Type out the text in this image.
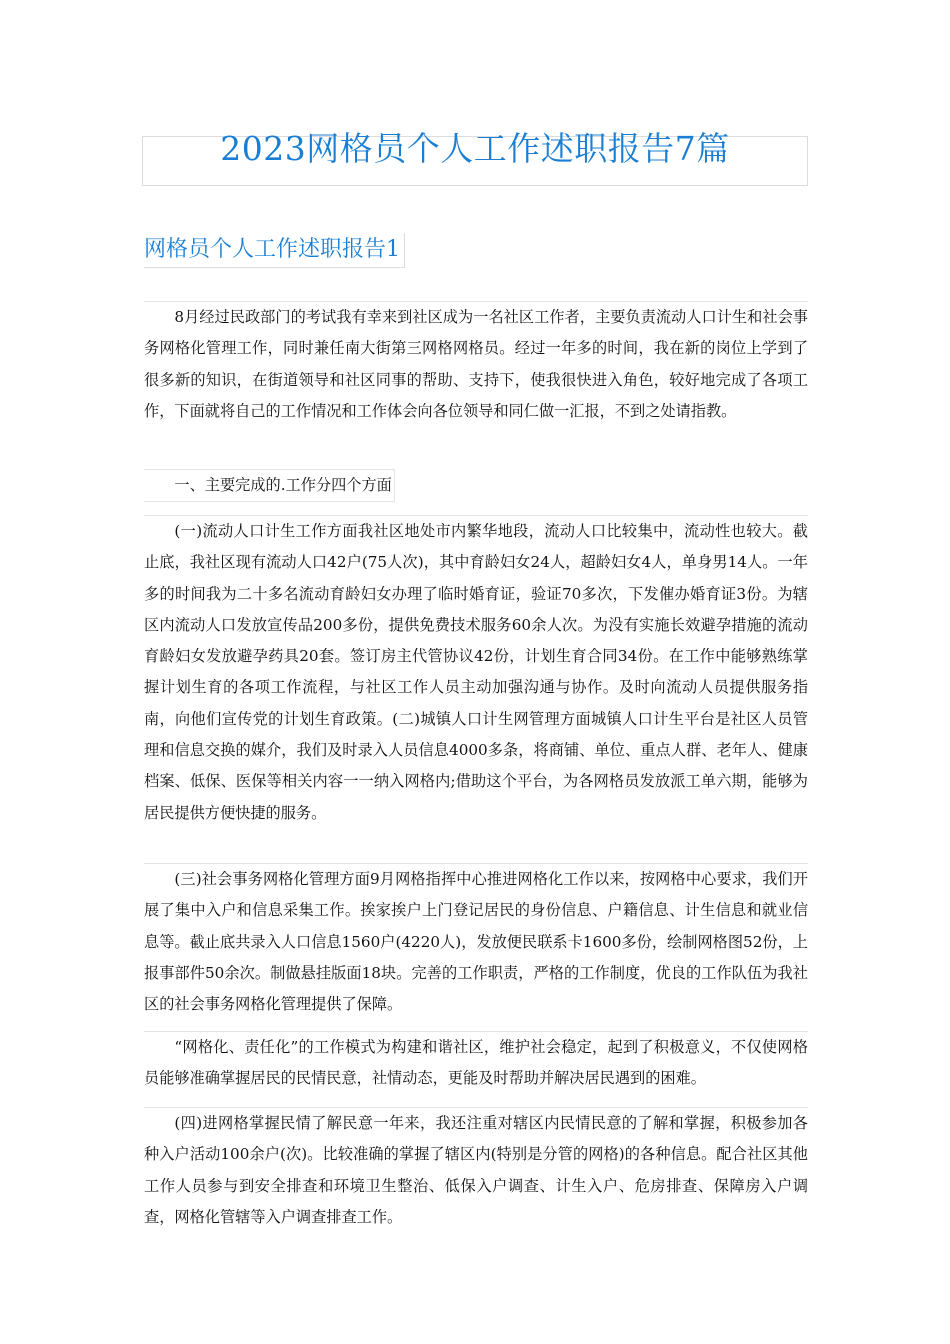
2023网格员个人工作述职报告7篇
网格员个人工作述职报告1

8月经过民政部门的考试我有幸来到社区成为一名社区工作者，主要负责流动人口计生和社会事务网格化管理工作，同时兼任南大街第三网格网格员。经过一年多的时间，我在新的岗位上学到了很多新的知识，在街道领导和社区同事的帮助、支持下，使我很快进入角色，较好地完成了各项工作，下面就将自己的工作情况和工作体会向各位领导和同仁做一汇报，不到之处请指教。

一、主要完成的.工作分四个方面

(一)流动人口计生工作方面我社区地处市内繁华地段，流动人口比较集中，流动性也较大。截止底，我社区现有流动人口42户(75人次)，其中育龄妇女24人，超龄妇女4人，单身男14人。一年多的时间我为二十多名流动育龄妇女办理了临时婚育证，验证70多次，下发催办婚育证3份。为辖区内流动人口发放宣传品200多份，提供免费技术服务60余人次。为没有实施长效避孕措施的流动育龄妇女发放避孕药具20套。签订房主代管协议42份，计划生育合同34份。在工作中能够熟练掌握计划生育的各项工作流程，与社区工作人员主动加强沟通与协作。及时向流动人员提供服务指南，向他们宣传党的计划生育政策。(二)城镇人口计生网管理方面城镇人口计生平台是社区人员管理和信息交换的媒介，我们及时录入人员信息4000多条，将商铺、单位、重点人群、老年人、健康档案、低保、医保等相关内容一一纳入网格内;借助这个平台，为各网格员发放派工单六期，能够为居民提供方便快捷的服务。

(三)社会事务网格化管理方面9月网格指挥中心推进网格化工作以来，按网格中心要求，我们开展了集中入户和信息采集工作。挨家挨户上门登记居民的身份信息、户籍信息、计生信息和就业信息等。截止底共录入人口信息1560户(4220人)，发放便民联系卡1600多份，绘制网格图52份，上报事部件50余次。制做悬挂版面18块。完善的工作职责，严格的工作制度，优良的工作队伍为我社区的社会事务网格化管理提供了保障。

“网格化、责任化”的工作模式为构建和谐社区，维护社会稳定，起到了积极意义，不仅使网格员能够准确掌握居民的民情民意，社情动态，更能及时帮助并解决居民遇到的困难。

(四)进网格掌握民情了解民意一年来，我还注重对辖区内民情民意的了解和掌握，积极参加各种入户活动100余户(次)。比较准确的掌握了辖区内(特别是分管的网格)的各种信息。配合社区其他工作人员参与到安全排查和环境卫生整治、低保入户调查、计生入户、危房排查、保障房入户调查，网格化管辖等入户调查排查工作。
